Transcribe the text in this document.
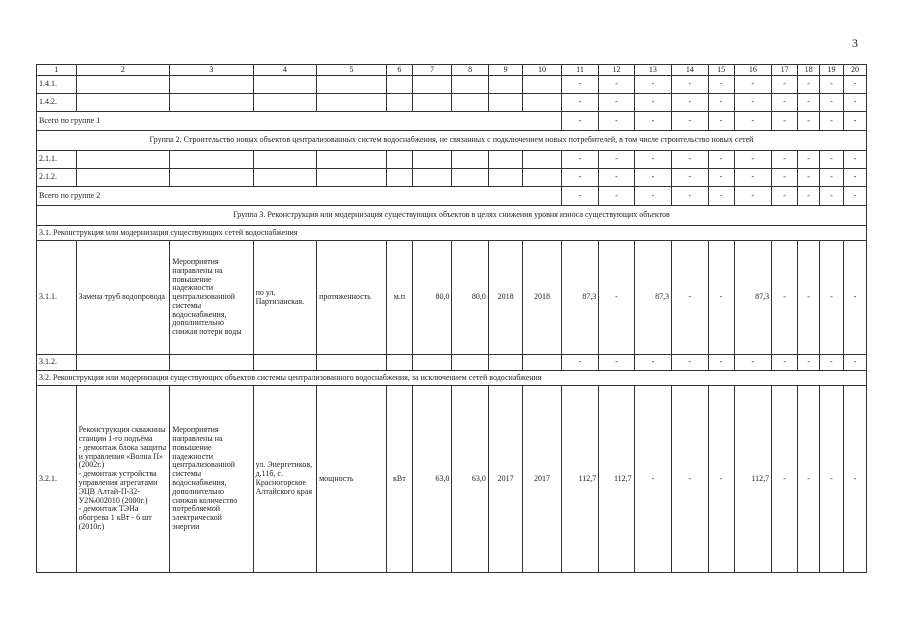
3
1	2	3	4	5	6	7	8	9	10	11	12	13	14	15	16	17	18	19	20
1.4.1.										-	-	-	-	-	-	-	-	-	-
1.4.2.										-	-	-	-	-	-	-	-	-	-
Всего по группе 1										-	-	-	-	-	-	-	-	-	-
Группа 2. Строительство новых объектов централизованных систем водоснабжения, не связанных с подключением новых потребителей, в том числе строительство новых сетей																			
2.1.1.										-	-	-	-	-	-	-	-	-	-
2.1.2.										-	-	-	-	-	-	-	-	-	-
Всего по группе 2										-	-	-	-	-	-	-	-	-	-
Группа 3. Реконструкция или модернизация существующих объектов в целях снижения уровня износа существующих объектов																			
3.1. Реконструкция или модернизация существующих сетей водоснабжения																			
3.1.1.	Замена труб водопровода	Мероприятия направлены на повышение надежности централизованной системы водоснабжения, дополнительно снижая потери воды	по ул. Партизанская.	протяженность	м.п	80,0	80,0	2018	2018	87,3	-	87,3	-	-	87,3	-	-	-	-
3.1.2.										-	-	-	-	-	-	-	-	-	-
3.2. Реконструкция или модернизация существующих объектов системы централизованного водоснабжения, за исключением сетей водоснабжения																			
3.2.1.	Реконструкция скважины станции 1-го подъёма
- демонтаж блока защиты и управления «Волна П» (2002г.)
- демонтаж устройства управления агрегатами ЭЦВ Алтай-П-32-У2№002010 (2000г.)
- демонтаж ТЭНа обогрева 1 кВт - 6 шт (2010г.)	Мероприятия направлены на повышение надежности централизованной системы водоснабжения, дополнительно снижая количество потребляемой электрической энергии	ул. Энергетиков, д.11б, с. Красногорское Алтайского края	мощность	кВт	63,0	63,0	2017	2017	112,7	112,7	-	-	-	112,7	-	-	-	-
